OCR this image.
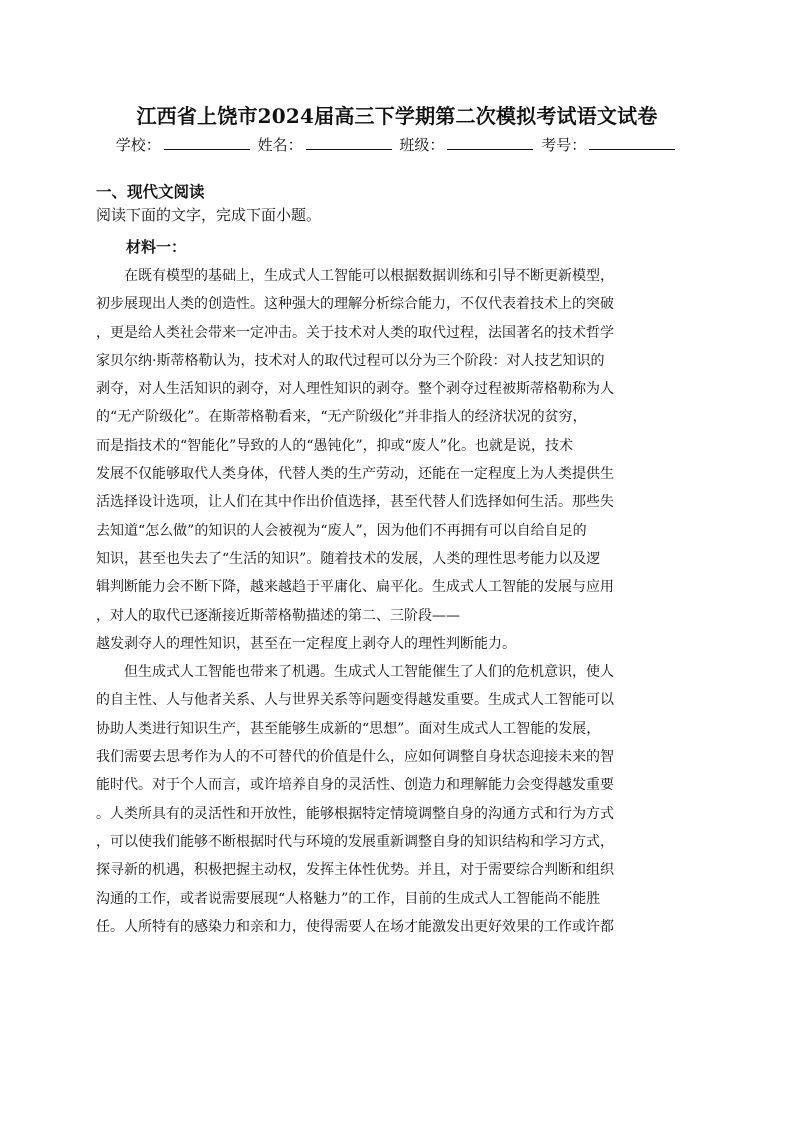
江西省上饶市2024届高三下学期第二次模拟考试语文试卷
学校：	姓名：	班级：	考号：
一、现代文阅读
阅读下面的文字，完成下面小题。
材料一：
　　在既有模型的基础上，生成式人工智能可以根据数据训练和引导不断更新模型，
初步展现出人类的创造性。这种强大的理解分析综合能力，不仅代表着技术上的突破
，更是给人类社会带来一定冲击。关于技术对人类的取代过程，法国著名的技术哲学
家贝尔纳·斯蒂格勒认为，技术对人的取代过程可以分为三个阶段：对人技艺知识的
剥夺，对人生活知识的剥夺，对人理性知识的剥夺。整个剥夺过程被斯蒂格勒称为人
的“无产阶级化”。在斯蒂格勒看来，“无产阶级化”并非指人的经济状况的贫穷，
而是指技术的“智能化”导致的人的“愚钝化”，抑或“废人”化。也就是说，技术
发展不仅能够取代人类身体，代替人类的生产劳动，还能在一定程度上为人类提供生
活选择设计选项，让人们在其中作出价值选择，甚至代替人们选择如何生活。那些失
去知道“怎么做”的知识的人会被视为“废人”，因为他们不再拥有可以自给自足的
知识，甚至也失去了“生活的知识”。随着技术的发展，人类的理性思考能力以及逻
辑判断能力会不断下降，越来越趋于平庸化、扁平化。生成式人工智能的发展与应用
，对人的取代已逐渐接近斯蒂格勒描述的第二、三阶段——
越发剥夺人的理性知识，甚至在一定程度上剥夺人的理性判断能力。
　　但生成式人工智能也带来了机遇。生成式人工智能催生了人们的危机意识，使人
的自主性、人与他者关系、人与世界关系等问题变得越发重要。生成式人工智能可以
协助人类进行知识生产，甚至能够生成新的“思想”。面对生成式人工智能的发展，
我们需要去思考作为人的不可替代的价值是什么，应如何调整自身状态迎接未来的智
能时代。对于个人而言，或许培养自身的灵活性、创造力和理解能力会变得越发重要
。人类所具有的灵活性和开放性，能够根据特定情境调整自身的沟通方式和行为方式
，可以使我们能够不断根据时代与环境的发展重新调整自身的知识结构和学习方式，
探寻新的机遇，积极把握主动权，发挥主体性优势。并且，对于需要综合判断和组织
沟通的工作，或者说需要展现“人格魅力”的工作，目前的生成式人工智能尚不能胜
任。人所特有的感染力和亲和力，使得需要人在场才能激发出更好效果的工作或许都
